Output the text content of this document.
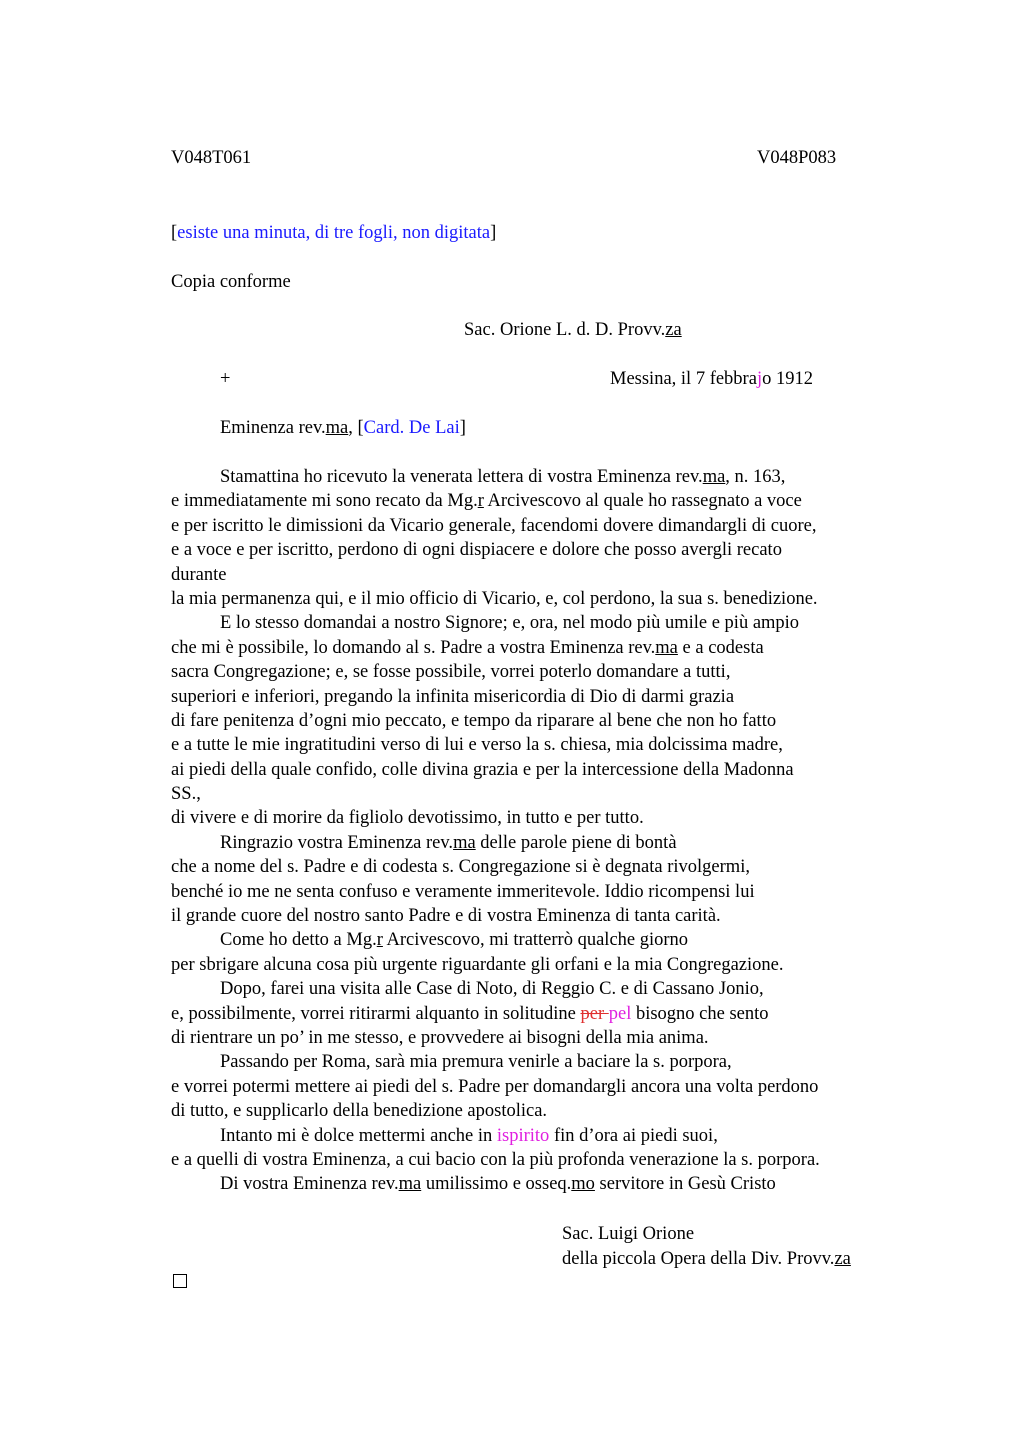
V048T061	V048P083
[esiste una minuta, di tre fogli, non digitata]
Copia conforme
Sac. Orione L. d. D. Provv.za
+	Messina, il 7 febbrajo 1912
Eminenza rev.ma, [Card. De Lai]
Stamattina ho ricevuto la venerata lettera di vostra Eminenza rev.ma, n. 163,
e immediatamente mi sono recato da Mg.r Arcivescovo al quale ho rassegnato a voce
e per iscritto le dimissioni da Vicario generale, facendomi dovere dimandargli di cuore,
e a voce e per iscritto, perdono di ogni dispiacere e dolore che posso avergli recato
durante
la mia permanenza qui, e il mio officio di Vicario, e, col perdono, la sua s. benedizione.
E lo stesso domandai a nostro Signore; e, ora, nel modo più umile e più ampio
che mi è possibile, lo domando al s. Padre a vostra Eminenza rev.ma e a codesta
sacra Congregazione; e, se fosse possibile, vorrei poterlo domandare a tutti,
superiori e inferiori, pregando la infinita misericordia di Dio di darmi grazia
di fare penitenza d’ogni mio peccato, e tempo da riparare al bene che non ho fatto
e a tutte le mie ingratitudini verso di lui e verso la s. chiesa, mia dolcissima madre,
ai piedi della quale confido, colle divina grazia e per la intercessione della Madonna
SS.,
di vivere e di morire da figliolo devotissimo, in tutto e per tutto.
Ringrazio vostra Eminenza rev.ma delle parole piene di bontà
che a nome del s. Padre e di codesta s. Congregazione si è degnata rivolgermi,
benché io me ne senta confuso e veramente immeritevole. Iddio ricompensi lui
il grande cuore del nostro santo Padre e di vostra Eminenza di tanta carità.
Come ho detto a Mg.r Arcivescovo, mi tratterrò qualche giorno
per sbrigare alcuna cosa più urgente riguardante gli orfani e la mia Congregazione.
Dopo, farei una visita alle Case di Noto, di Reggio C. e di Cassano Jonio,
e, possibilmente, vorrei ritirarmi alquanto in solitudine per pel bisogno che sento
di rientrare un po’ in me stesso, e provvedere ai bisogni della mia anima.
Passando per Roma, sarà mia premura venirle a baciare la s. porpora,
e vorrei potermi mettere ai piedi del s. Padre per domandargli ancora una volta perdono
di tutto, e supplicarlo della benedizione apostolica.
Intanto mi è dolce mettermi anche in ispirito fin d’ora ai piedi suoi,
e a quelli di vostra Eminenza, a cui bacio con la più profonda venerazione la s. porpora.
Di vostra Eminenza rev.ma umilissimo e osseq.mo servitore in Gesù Cristo
Sac. Luigi Orione
della piccola Opera della Div. Provv.za
